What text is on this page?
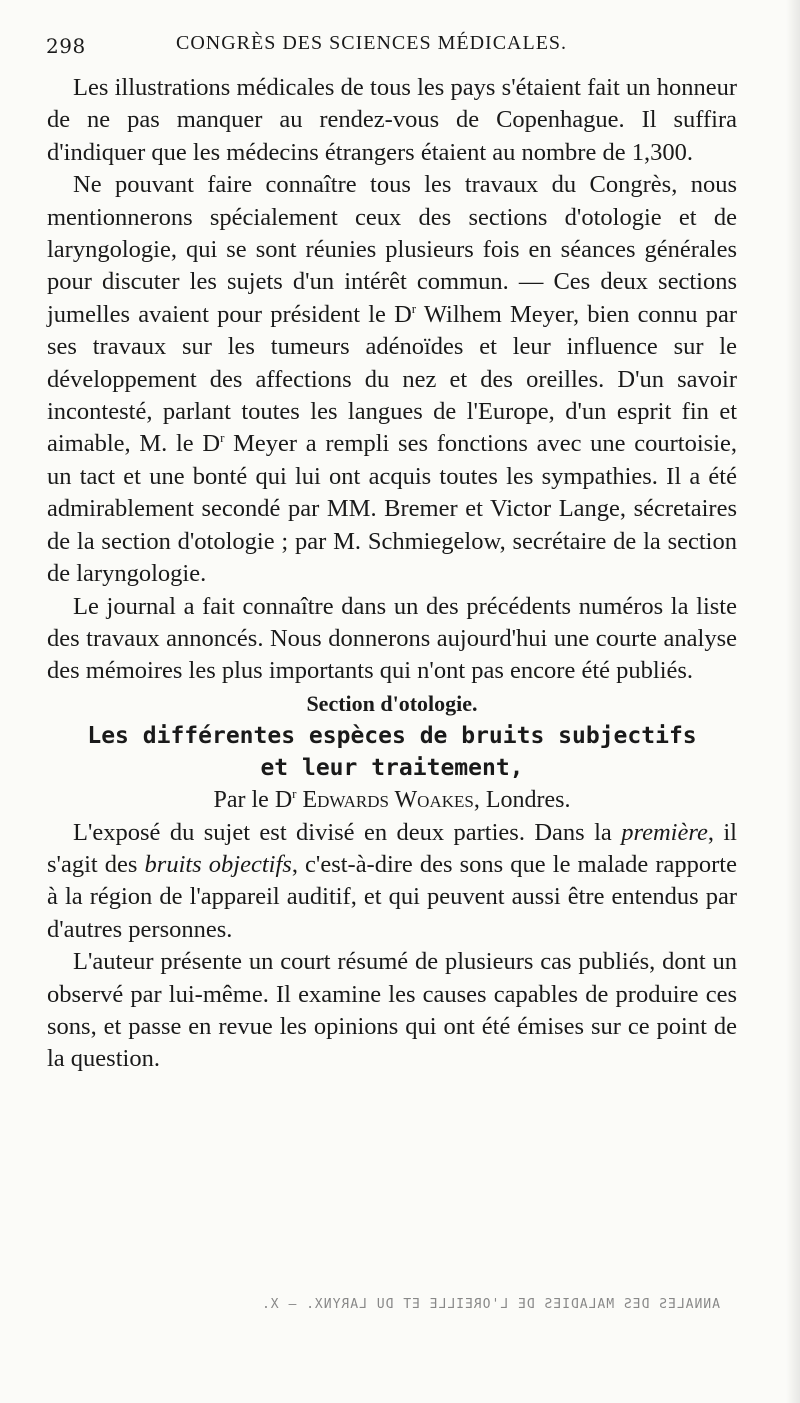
298	CONGRÈS DES SCIENCES MÉDICALES.

Les illustrations médicales de tous les pays s'étaient fait un honneur de ne pas manquer au rendez-vous de Copenhague. Il suffira d'indiquer que les médecins étrangers étaient au nombre de 1,300.

Ne pouvant faire connaître tous les travaux du Congrès, nous mentionnerons spécialement ceux des sections d'otologie et de laryngologie, qui se sont réunies plusieurs fois en séances générales pour discuter les sujets d'un intérêt commun. — Ces deux sections jumelles avaient pour président le $D^r$ Wilhem Meyer, bien connu par ses travaux sur les tumeurs adénoïdes et leur influence sur le développement des affections du nez et des oreilles. D'un savoir incontesté, parlant toutes les langues de l'Europe, d'un esprit fin et aimable, M. le $D^r$ Meyer a rempli ses fonctions avec une courtoisie, un tact et une bonté qui lui ont acquis toutes les sympathies. Il a été admirablement secondé par MM. Bremer et Victor Lange, sécretaires de la section d'otologie ; par M. Schmiegelow, secrétaire de la section de laryngologie.

Le journal a fait connaître dans un des précédents numéros la liste des travaux annoncés. Nous donnerons aujourd'hui une courte analyse des mémoires les plus importants qui n'ont pas encore été publiés.

Section d'otologie.

Les différentes espèces de bruits subjectifs

et leur traitement,

Par le $D^r$ Edwards Woakes, Londres.

L'exposé du sujet est divisé en deux parties. Dans la première, il s'agit des bruits objectifs, c'est-à-dire des sons que le malade rapporte à la région de l'appareil auditif, et qui peuvent aussi être entendus par d'autres personnes.

L'auteur présente un court résumé de plusieurs cas publiés, dont un observé par lui-même. Il examine les causes capables de produire ces sons, et passe en revue les opinions qui ont été émises sur ce point de la question.

ANNALES DES MALADIES DE L'OREILLE ET DU LARYNX. — X.
